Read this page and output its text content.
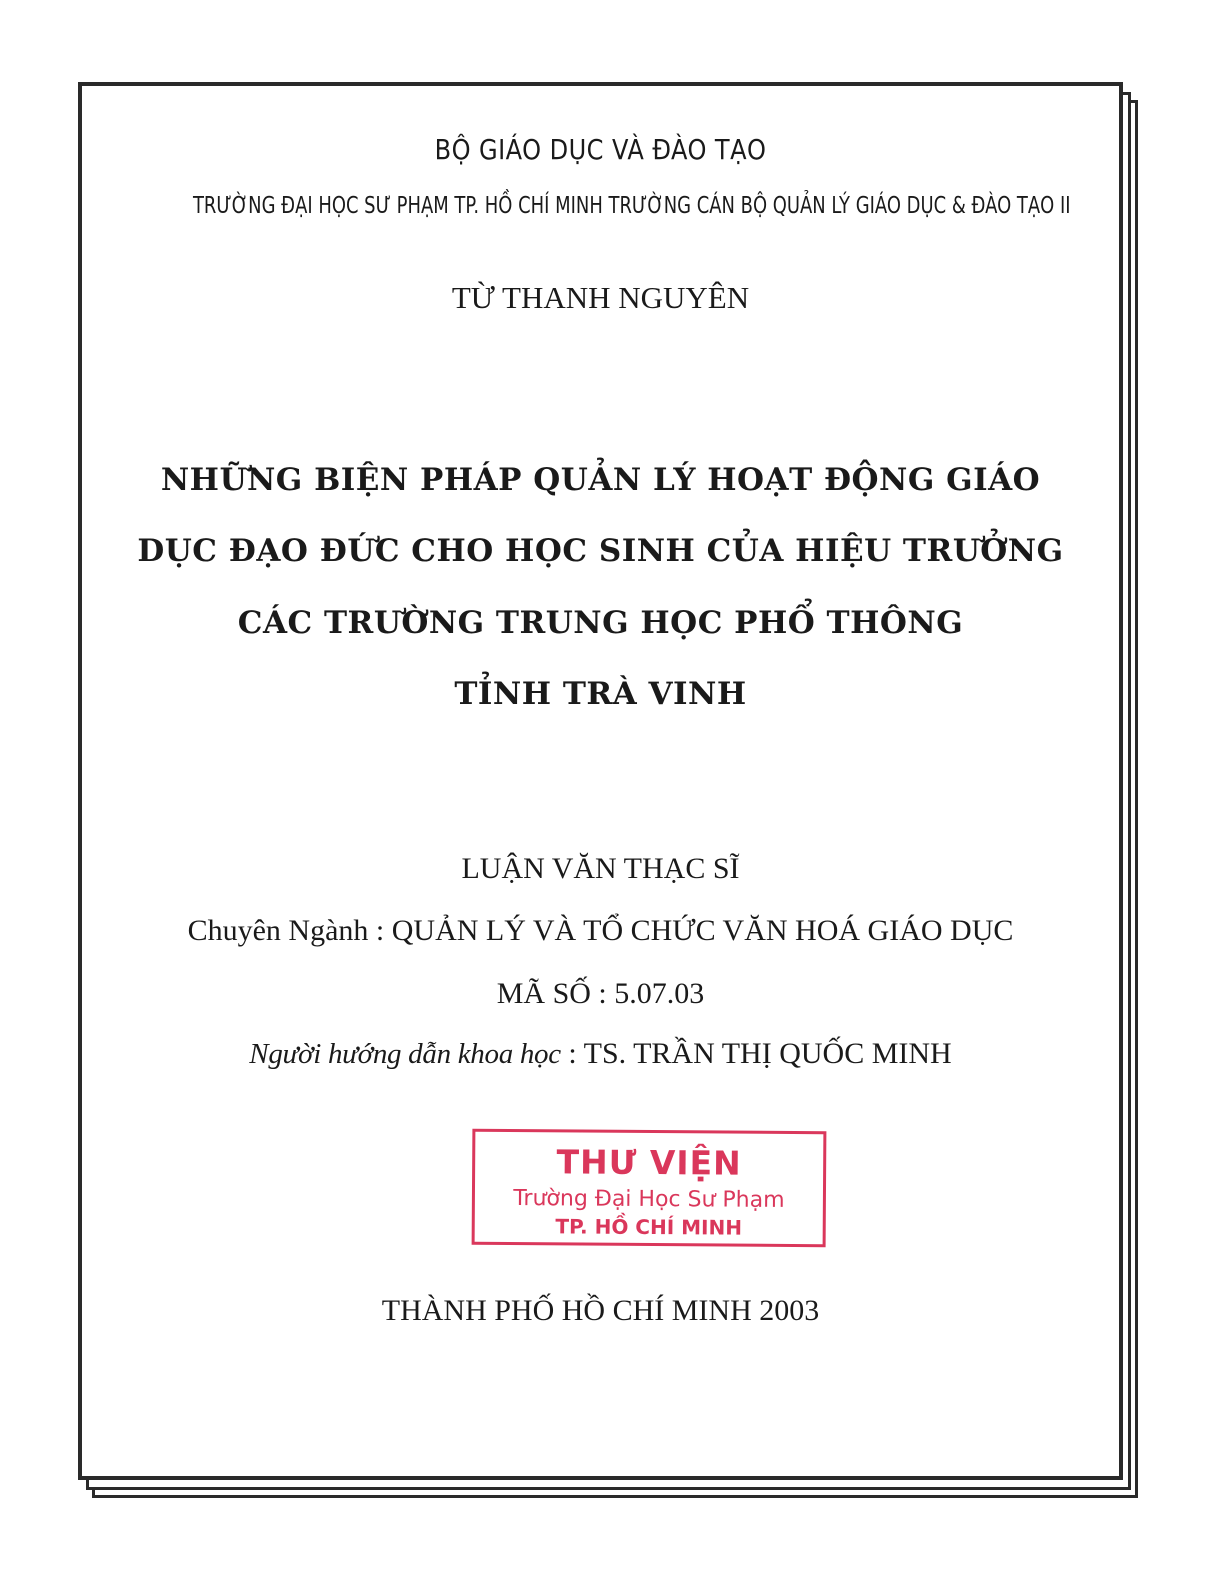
BỘ GIÁO DỤC VÀ ĐÀO TẠO

TRƯỜNG ĐẠI HỌC SƯ PHẠM TP. HỒ CHÍ MINH TRƯỜNG CÁN BỘ QUẢN LÝ GIÁO DỤC & ĐÀO TẠO II

TỪ THANH NGUYÊN

NHỮNG BIỆN PHÁP QUẢN LÝ HOẠT ĐỘNG GIÁO

DỤC ĐẠO ĐỨC CHO HỌC SINH CỦA HIỆU TRƯỞNG

CÁC TRƯỜNG TRUNG HỌC PHỔ THÔNG

TỈNH TRÀ VINH

LUẬN VĂN THẠC SĨ

Chuyên Ngành : QUẢN LÝ VÀ TỔ CHỨC VĂN HOÁ GIÁO DỤC

MÃ SỐ : 5.07.03

Người hướng dẫn khoa học : TS. TRẦN THỊ QUỐC MINH

THƯ VIỆN
Trường Đại Học Sư Phạm
TP. HỒ CHÍ MINH

THÀNH PHỐ HỒ CHÍ MINH 2003
